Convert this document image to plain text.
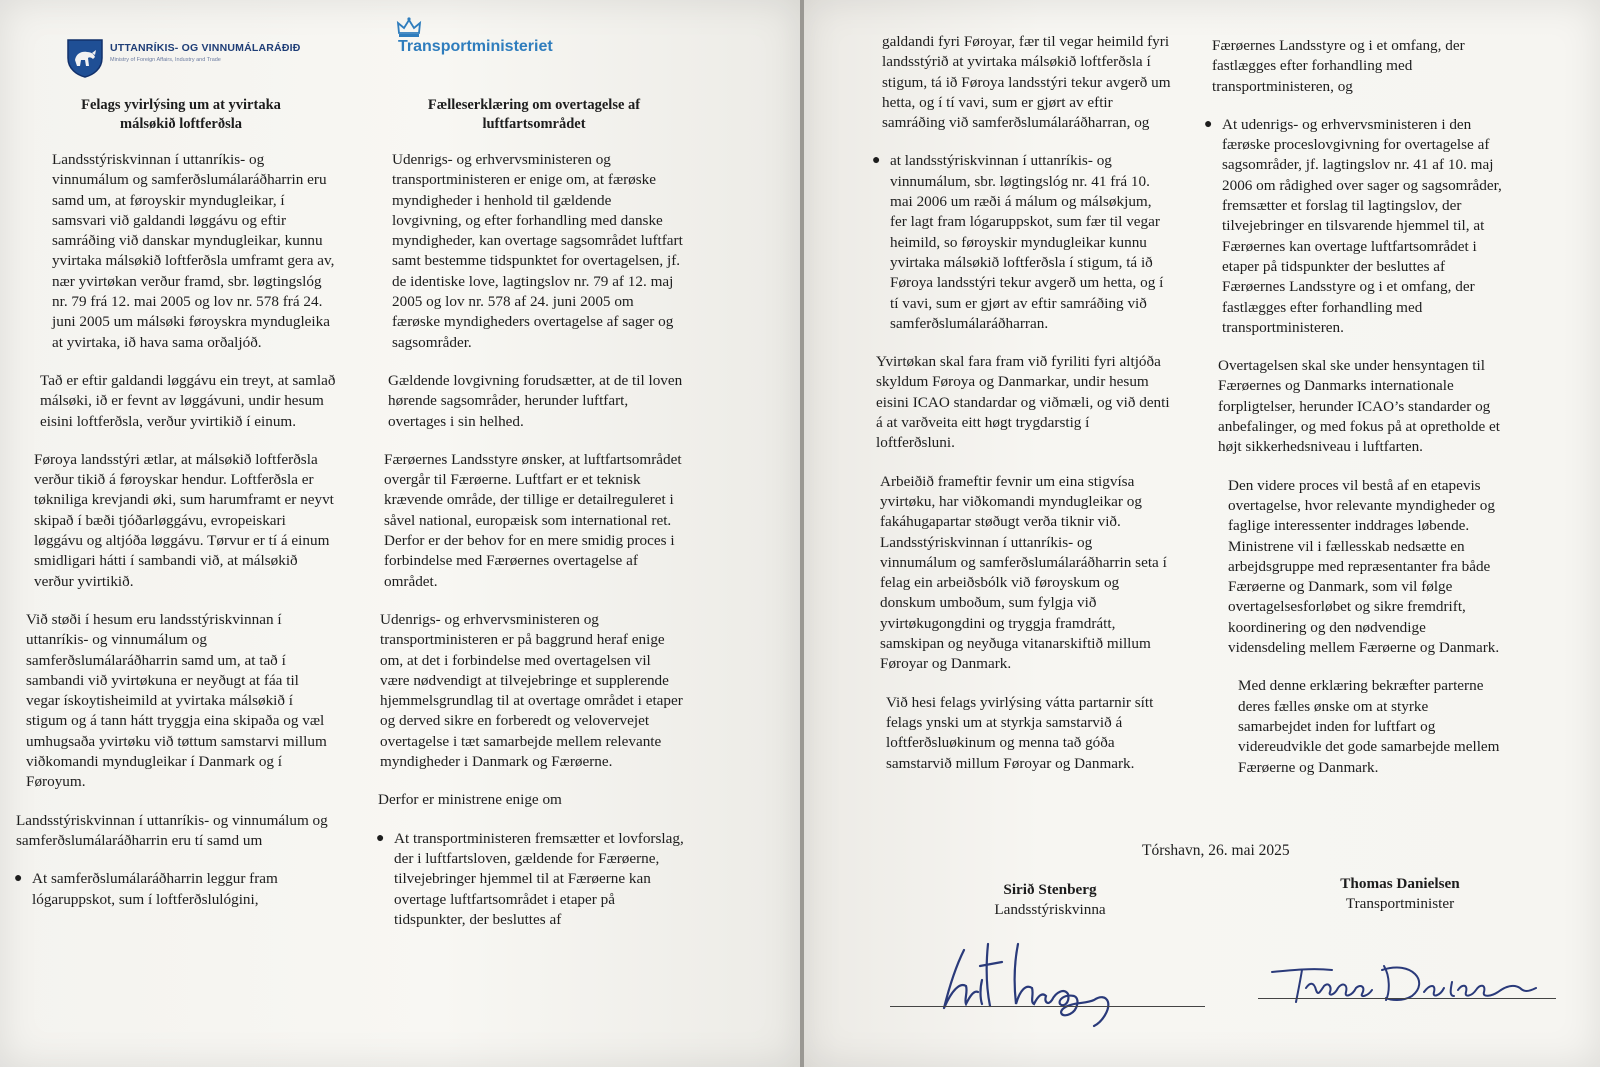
UTTANRÍKIS- OG VINNUMÁLARÁÐIÐ
Ministry of Foreign Affairs, Industry and Trade
Transportministeriet
Felags yvirlýsing um at yvirtaka málsøkið loftferðsla

Landsstýriskvinnan í uttanríkis- og vinnumálum og samferðslumálaráðharrin eru samd um, at føroyskir myndugleikar, í samsvari við galdandi løggávu og eftir samráðing við danskar myndugleikar, kunnu yvirtaka málsøkið loftferðsla umframt gera av, nær yvirtøkan verður framd, sbr. løgtingslóg nr. 79 frá 12. mai 2005 og lov nr. 578 frá 24. juni 2005 um málsøki føroyskra myndugleika at yvirtaka, ið hava sama orðaljóð.

Tað er eftir galdandi løggávu ein treyt, at samlað málsøki, ið er fevnt av løggávuni, undir hesum eisini loftferðsla, verður yvirtikið í einum.

Føroya landsstýri ætlar, at málsøkið loftferðsla verður tikið á føroyskar hendur. Loftferðsla er tøkniliga krevjandi øki, sum harumframt er neyvt skipað í bæði tjóðarløggávu, evropeiskari løggávu og altjóða løggávu. Tørvur er tí á einum smidligari hátti í sambandi við, at málsøkið verður yvirtikið.

Við støði í hesum eru landsstýriskvinnan í uttanríkis- og vinnumálum og samferðslumálaráðharrin samd um, at tað í sambandi við yvirtøkuna er neyðugt at fáa til vegar ískoytisheimild at yvirtaka málsøkið í stigum og á tann hátt tryggja eina skipaða og væl umhugsaða yvirtøku við tøttum samstarvi millum viðkomandi myndugleikar í Danmark og í Føroyum.

Landsstýriskvinnan í uttanríkis- og vinnumálum og samferðslumálaráðharrin eru tí samd um

● At samferðslumálaráðharrin leggur fram lógaruppskot, sum í loftferðslulógini,
Fælleserklæring om overtagelse af luftfartsområdet

Udenrigs- og erhvervsministeren og transportministeren er enige om, at færøske myndigheder i henhold til gældende lovgivning, og efter forhandling med danske myndigheder, kan overtage sagsområdet luftfart samt bestemme tidspunktet for overtagelsen, jf. de identiske love, lagtingslov nr. 79 af 12. maj 2005 og lov nr. 578 af 24. juni 2005 om færøske myndigheders overtagelse af sager og sagsområder.

Gældende lovgivning forudsætter, at de til loven hørende sagsområder, herunder luftfart, overtages i sin helhed.

Færøernes Landsstyre ønsker, at luftfartsområdet overgår til Færøerne. Luftfart er et teknisk krævende område, der tillige er detailreguleret i såvel national, europæisk som international ret. Derfor er der behov for en mere smidig proces i forbindelse med Færøernes overtagelse af området.

Udenrigs- og erhvervsministeren og transportministeren er på baggrund heraf enige om, at det i forbindelse med overtagelsen vil være nødvendigt at tilvejebringe et supplerende hjemmelsgrundlag til at overtage området i etaper og derved sikre en forberedt og velovervejet overtagelse i tæt samarbejde mellem relevante myndigheder i Danmark og Færøerne.

Derfor er ministrene enige om

● At transportministeren fremsætter et lovforslag, der i luftfartsloven, gældende for Færøerne, tilvejebringer hjemmel til at Færøerne kan overtage luftfartsområdet i etaper på tidspunkter, der besluttes af

galdandi fyri Føroyar, fær til vegar heimild fyri landsstýrið at yvirtaka málsøkið loftferðsla í stigum, tá ið Føroya landsstýri tekur avgerð um hetta, og í tí vavi, sum er gjørt av eftir samráðing við samferðslumálaráðharran, og

● at landsstýriskvinnan í uttanríkis- og vinnumálum, sbr. løgtingslóg nr. 41 frá 10. mai 2006 um ræði á málum og málsøkjum, fer lagt fram lógaruppskot, sum fær til vegar heimild, so føroyskir myndugleikar kunnu yvirtaka málsøkið loftferðsla í stigum, tá ið Føroya landsstýri tekur avgerð um hetta, og í tí vavi, sum er gjørt av eftir samráðing við samferðslumálaráðharran.

Yvirtøkan skal fara fram við fyriliti fyri altjóða skyldum Føroya og Danmarkar, undir hesum eisini ICAO standardar og viðmæli, og við denti á at varðveita eitt høgt trygdarstig í loftferðsluni.

Arbeiðið frameftir fevnir um eina stigvísa yvirtøku, har viðkomandi myndugleikar og fakáhugapartar støðugt verða tiknir við. Landsstýriskvinnan í uttanríkis- og vinnumálum og samferðslumálaráðharrin seta í felag ein arbeiðsbólk við føroyskum og donskum umboðum, sum fylgja við yvirtøkugongdini og tryggja framdrátt, samskipan og neyðuga vitanarskiftið millum Føroyar og Danmark.

Við hesi felags yvirlýsing vátta partarnir sítt felags ynski um at styrkja samstarvið á loftferðsluøkinum og menna tað góða samstarvið millum Føroyar og Danmark.

Færøernes Landsstyre og i et omfang, der fastlægges efter forhandling med transportministeren, og

● At udenrigs- og erhvervsministeren i den færøske proceslovgivning for overtagelse af sagsområder, jf. lagtingslov nr. 41 af 10. maj 2006 om rådighed over sager og sagsområder, fremsætter et forslag til lagtingslov, der tilvejebringer en tilsvarende hjemmel til, at Færøernes kan overtage luftfartsområdet i etaper på tidspunkter der besluttes af Færøernes Landsstyre og i et omfang, der fastlægges efter forhandling med transportministeren.

Overtagelsen skal ske under hensyntagen til Færøernes og Danmarks internationale forpligtelser, herunder ICAO’s standarder og anbefalinger, og med fokus på at opretholde et højt sikkerhedsniveau i luftfarten.

Den videre proces vil bestå af en etapevis overtagelse, hvor relevante myndigheder og faglige interessenter inddrages løbende. Ministrene vil i fællesskab nedsætte en arbejdsgruppe med repræsentanter fra både Færøerne og Danmark, som vil følge overtagelsesforløbet og sikre fremdrift, koordinering og den nødvendige vidensdeling mellem Færøerne og Danmark.

Med denne erklæring bekræfter parterne deres fælles ønske om at styrke samarbejdet inden for luftfart og videreudvikle det gode samarbejde mellem Færøerne og Danmark.

Tórshavn, 26. mai 2025
Sirið Stenberg
Landsstýriskvinna
Thomas Danielsen
Transportminister
